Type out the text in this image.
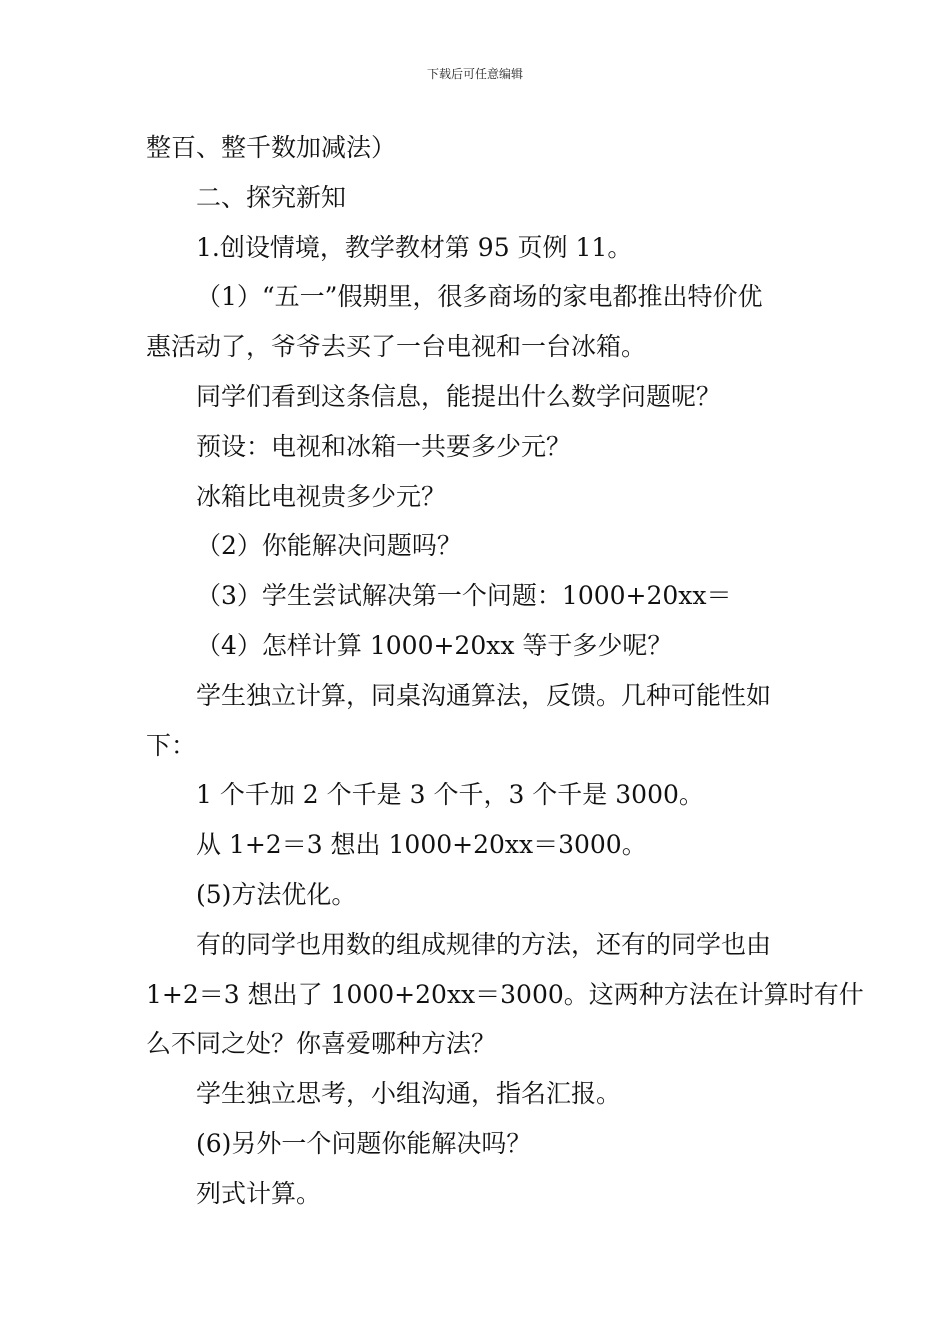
下载后可任意编辑
整百、整千数加减法）
二、探究新知
1.创设情境，教学教材第 95 页例 11。
（1）“五一”假期里，很多商场的家电都推出特价优
惠活动了，爷爷去买了一台电视和一台冰箱。
同学们看到这条信息，能提出什么数学问题呢？
预设：电视和冰箱一共要多少元？
冰箱比电视贵多少元？
（2）你能解决问题吗？
（3）学生尝试解决第一个问题：1000+20xx＝
（4）怎样计算 1000+20xx 等于多少呢？
学生独立计算，同桌沟通算法，反馈。几种可能性如
下：
1 个千加 2 个千是 3 个千，3 个千是 3000。
从 1+2＝3 想出 1000+20xx＝3000。
(5)方法优化。
有的同学也用数的组成规律的方法，还有的同学也由
1+2＝3 想出了 1000+20xx＝3000。这两种方法在计算时有什
么不同之处？你喜爱哪种方法？
学生独立思考，小组沟通，指名汇报。
(6)另外一个问题你能解决吗？
列式计算。
